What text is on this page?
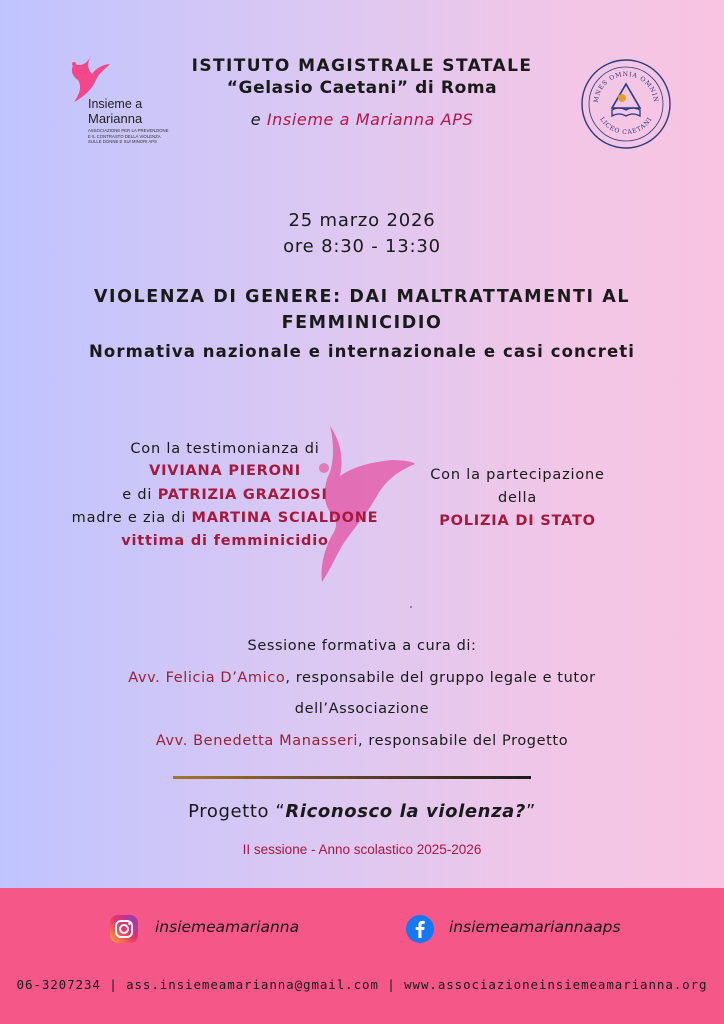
Insieme a
Marianna
ASSOCIAZIONE PER LA PREVENZIONE E IL CONTRASTO DELLA VIOLENZA SULLE DONNE E SUI MINORI APS
MNES OMNIA OMNIN
LICEO CAETANI
ISTITUTO MAGISTRALE STATALE
“Gelasio Caetani” di Roma
e Insieme a Marianna APS
25 marzo 2026
ore 8:30 - 13:30
VIOLENZA DI GENERE: DAI MALTRATTAMENTI AL
FEMMINICIDIO
Normativa nazionale e internazionale e casi concreti
Con la testimonianza di
VIVIANA PIERONI
e di PATRIZIA GRAZIOSI
madre e zia di MARTINA SCIALDONE
vittima di femminicidio
Con la partecipazione
della
POLIZIA DI STATO
Sessione formativa a cura di:
Avv. Felicia D’Amico, responsabile del gruppo legale e tutor
dell’Associazione
Avv. Benedetta Manasseri, responsabile del Progetto
Progetto “Riconosco la violenza?”
II sessione - Anno scolastico 2025-2026
insiemeamarianna	insiemeamariannaaps
06-3207234 | ass.insiemeamarianna@gmail.com | www.associazioneinsiemeamarianna.org
